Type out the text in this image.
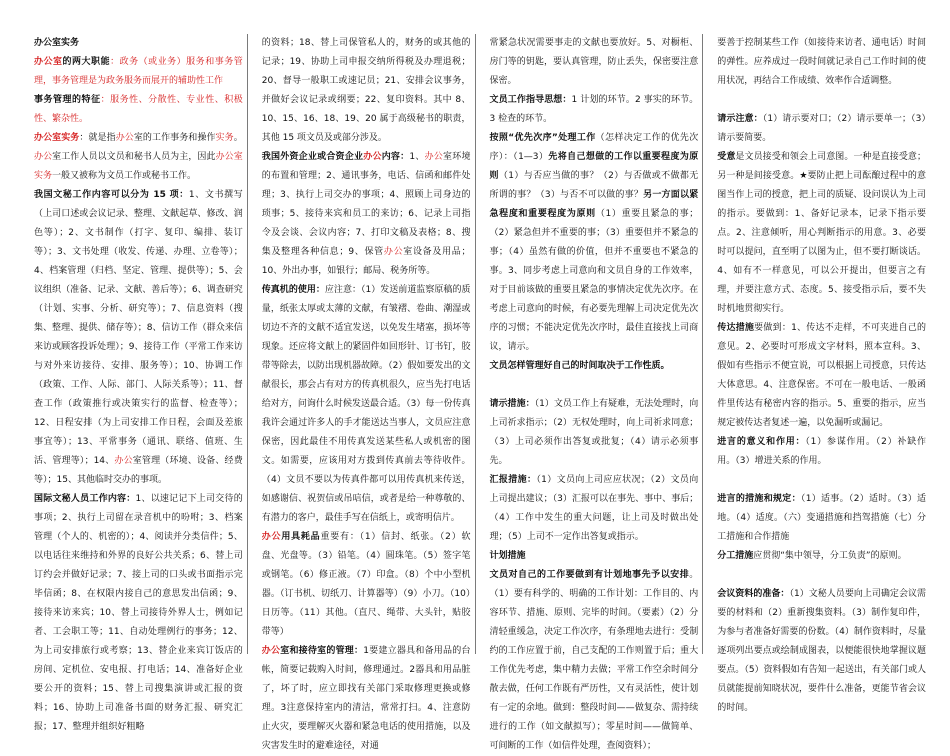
办公室实务

办公室的两大职能：政务（或业务）服务和事务管理，事务管理是为政务服务而展开的辅助性工作

事务管理的特征：服务性、分散性、专业性、积极性、繁杂性。

办公室实务：就是指办公室的工作事务和操作实务。办公室工作人员以文员和秘书人员为主，因此办公室实务一般又被称为文员工作或秘书工作。

我国文秘工作内容可以分为 15 项：1、文书撰写（上司口述或会议记录、整理、文献起草、修改、润色等）；2、文书制作（打字、复印、编排、装订等）；3、文书处理（收发、传递、办理、立卷等）；4、档案管理（归档、坚定、管理、提供等）；5、会议组织（准备、记录、文献、善后等）；6、调查研究（计划、实事、分析、研究等）；7、信息资料（搜集、整理、提供、储存等）；8、信访工作（群众来信来访或顾客投诉处理）；9、接待工作（平常工作来访与对外来访接待、安排、服务等）；10、协调工作（政策、工作、人际、部门、人际关系等）；11、督查工作（政策推行或决策实行的监督、检查等）；12、日程安排（为上司安排工作日程，会面及差旅事宜等）；13、平常事务（通讯、联络、值班、生活、管理等）；14、办公室管理（环境、设备、经费等）；15、其他临时交办的事项。

国际文秘人员工作内容：1、以速记记下上司交待的事项；2、执行上司留在录音机中的吩咐；3、档案管理（个人的、机密的）；4、阅读并分类信件；5、以电话往来维持和外界的良好公共关系；6、替上司订约会并做好记录；7、接上司的口头或书面指示完毕信函；8、在权限内接自己的意思发出信函；9、接待来访来宾；10、替上司接待外界人士，例如记者、工会职工等；11、自动处理例行的事务；12、为上司安排旅行或考察；13、替企业来宾订饭店的房间、定机位、安电报、打电话；14、准备好企业要公开的资料；15、替上司搜集演讲或汇报的资料；16、协助上司准备书面的财务汇报、研究汇报；17、整理并组织好粗略

的资料；18、替上司保管私人的，财务的或其他的记录；19、协助上司申报交纳所得税及办理退税；20、督导一般职工或速记员；21、安排会议事务，并做好会议记录或纲要；22、复印资料。其中 8、10、15、16、18、19、20 属于高级秘书的职责，其他 15 项文员及或部分涉及。

我国外资企业或合资企业办公内容：1、办公室环境的布置和管理；2、通讯事务，电话、信函和邮件处理；3、执行上司交办的事项；4、照顾上司身边的琐事；5、接待来宾和员工的来访；6、记录上司指令及会谈、会议内容；7、打印文稿及表格；8、搜集及整理各种信息；9、保管办公室设备及用品；10、外出办事，如银行；邮局、税务所等。

传真机的使用：应注意：（1）发送前道监察原稿的质量，纸张太厚或太薄的文献，有皱褶、卷曲、潮湿或切边不齐的文献不适宜发送，以免发生堵塞，损坏等现象。还应将文献上的紧固件如回形针、订书钉，胶带等除去，以防出现机器故障。（2）假如要发出的文献很长，那会占有对方的传真机很久，应当先打电话给对方，问询什么时候发送最合适。（3）每一份传真我许会通过许多人的手才能送达当事人，文员应注意保密，因此最佳不用传真发送某些私人或机密的图文。如需要，应该用对方拨到传真前去等待收件。（4）文员不要以为传真件都可以用传真机来传送，如感谢信、祝贺信或吊唁信，或者是给一种尊敬的、有潜力的客户，最佳手写在信纸上，或寄明信片。

办公用具耗品重要有：（1）信封、纸张。（2）软盘、光盘等。（3）铅笔。（4）圆珠笔。（5）签字笔或钢笔。（6）修正液。（7）印盒。（8）个中小型机器。（订书机、切纸刀、计算器等）（9）小刀。（10）日历等。（11）其他。（直尺、绳带、大头针，贴胶带等）

办公室和接待室的管理：1要建立器具和备用品的台帐，简要记载购入时间，修理通过。2器具和用品脏了，坏了时，应立即找有关部门采取修理更换或修理。3注意保持室内的清洁，常常打扫。4、注意防止火灾，要理解灭火器和紧急电话的使用措施，以及灾害发生时的避难途径，对通

常紧急状况需要事走的文献也要放好。5、对橱柜、房门等的钥匙，要认真管理，防止丢失，保密要注意保密。

文员工作指导思想：1 计划的环节。2 事实的环节。3 检查的环节。

按照“优先次序”处理工作（怎样决定工作的优先次序）：（1—3）先将自己想做的工作以重要程度为原则（1）与否应当做的事？（2）与否做或不做都无所谓的事？（3）与否不可以做的事？另一方面以紧急程度和重要程度为原则（1）重要且紧急的事；（2）紧急但并不重要的事；（3）重要但并不紧急的事；（4）虽然有做的价值，但并不重要也不紧急的事。3、同步考虑上司意向和文员自身的工作效率，对于目前该做的重要且紧急的事情决定优先次序。在考虑上司意向的时候，有必要先理解上司决定优先次序的习惯；不能决定优先次序时，最佳直接找上司商议，请示。

文员怎样管理好自己的时间取决于工作性质。

请示措施：（1）文员工作上有疑难，无法处理时，向上司祈求指示；（2）无权处理时，向上司祈求同意；（3）上司必须作出答复或批复；（4）请示必须事先。

汇报措施：（1）文员向上司应应状况；（2）文员向上司提出建议；（3）汇报可以在事先、事中、事后；（4）工作中发生的重大问题，让上司及时做出处理；（5）上司不一定作出答复或指示。

计划措施

文员对自己的工作要做到有计划地事先予以安排。（1）要有科学的、明确的工作计划：工作目的、内容环节、措施、原则、完毕的时间。（要素）（2）分清轻重缓急，决定工作次序，有条理地去进行：受制约的工作应置于前，自己支配的工作则置于后；重大工作优先考虑，集中精力去做；平常工作空余时间分散去做，任何工作既有严历性，又有灵活性，使计划有一定的余地。做到：整段时间——做复杂、需持续进行的工作（如文献拟写）；零星时间——做简单、可间断的工作（如信件处理，查阅资料）；

要善于控制某些工作（如接待来访者、通电话）时间的弹性。应养成过一段时间就记录自己工作时间的使用状况，再结合工作成绩、效率作合适调整。

请示注意：（1）请示要对口；（2）请示要单一；（3）请示要简要。

受意是文员接受和领会上司意图。一种是直接受意；另一种是间接受意。★要防止把上司酝酿过程中的意图当作上司的授意，把上司的质疑、设问误认为上司的指示。要做到：1、备好记录本，记录下指示要点。2、注意倾听，用心判断指示的用意。3、必要时可以提问，直至明了以图为止，但不要打断谈话。4、如有不一样意见，可以公开提出，但要言之有理，并要注意方式、态度。5、接受指示后，要不失时机地贯彻实行。

传达措施要做到：1、传达不走样，不可夹进自己的意见。2、必要时可形成文字材料，照本宣科。3、假如有些指示不便宣说，可以根据上司授意，只传达大体意思。4、注意保密。不可在一般电话、一般函件里传达有秘密内容的指示。5、重要的指示，应当规定被传达者复述一遍，以免漏听或漏记。

进言的意义和作用：（1）参谋作用。（2）补缺作用。（3）增进关系的作用。

进言的措施和规定：（1）适事。（2）适时。（3）适地。（4）适度。（六）变通措施和挡驾措施（七）分工措施和合作措施

分工措施应贯彻“集中领导，分工负责”的原则。

会议资料的准备：（1）文秘人员要向上司确定会议需要的材料和（2）重新搜集资料。（3）制作复印件，为参与者准备好需要的份数。（4）制作资料时，尽量逐项列出要点或绘制成图表，以便能很快地掌握议题要点。（5）资料假如有告知一起送出，有关部门或人员就能提前知晓状况，要件什么准备，更能节省会议的时间。
